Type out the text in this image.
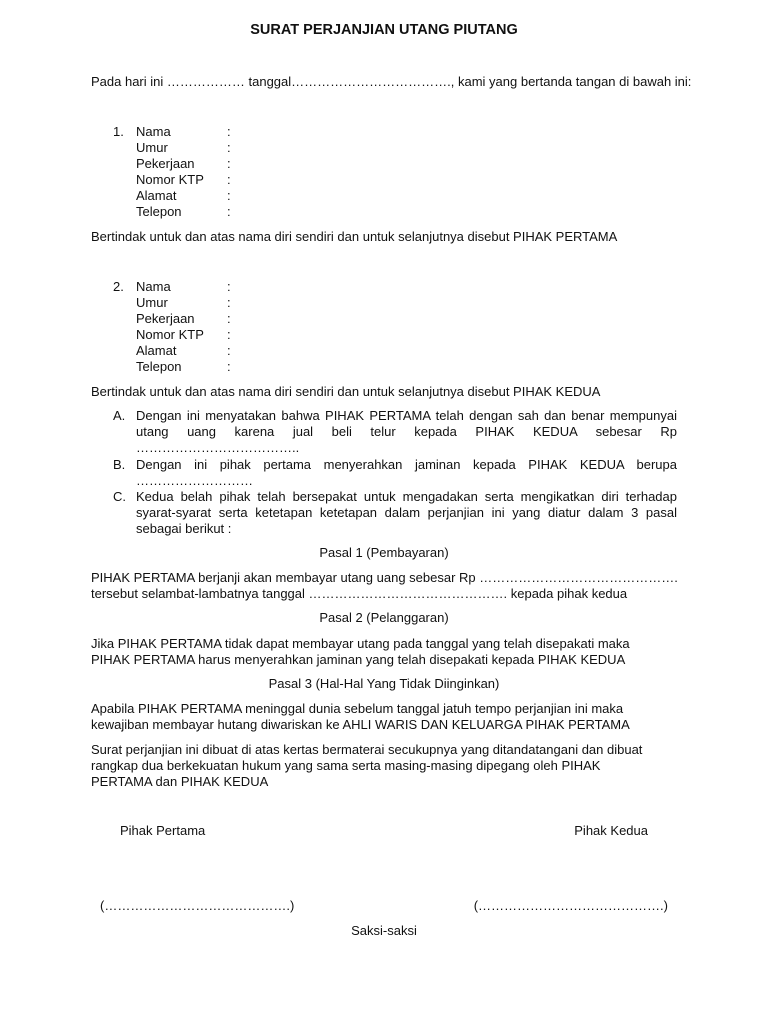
SURAT PERJANJIAN UTANG PIUTANG
Pada hari ini ……………… tanggal………………………………., kami yang bertanda tangan di bawah ini:
1. Nama	:
Umur	:
Pekerjaan :
Nomor KTP :
Alamat	:
Telepon	:
Bertindak untuk dan atas nama diri sendiri dan untuk selanjutnya disebut PIHAK PERTAMA
2. Nama	:
Umur	:
Pekerjaan :
Nomor KTP :
Alamat	:
Telepon	:
Bertindak untuk dan atas nama diri sendiri dan untuk selanjutnya disebut PIHAK KEDUA
A. Dengan ini menyatakan bahwa PIHAK PERTAMA telah dengan sah dan benar mempunyai utang uang karena jual beli telur kepada PIHAK KEDUA sebesar Rp ………………………………..

B. Dengan ini pihak pertama menyerahkan jaminan kepada PIHAK KEDUA berupa ………………………

C. Kedua belah pihak telah bersepakat untuk mengadakan serta mengikatkan diri terhadap syarat-syarat serta ketetapan ketetapan dalam perjanjian ini yang diatur dalam 3 pasal sebagai berikut :

Pasal 1 (Pembayaran)
PIHAK PERTAMA berjanji akan membayar utang uang sebesar Rp ……………………………………….
tersebut selambat-lambatnya tanggal ………………………………………. kepada pihak kedua
Pasal 2 (Pelanggaran)
Jika PIHAK PERTAMA tidak dapat membayar utang pada tanggal yang telah disepakati maka
PIHAK PERTAMA harus menyerahkan jaminan yang telah disepakati kepada PIHAK KEDUA
Pasal 3 (Hal-Hal Yang Tidak Diinginkan)
Apabila PIHAK PERTAMA meninggal dunia sebelum tanggal jatuh tempo perjanjian ini maka
kewajiban membayar hutang diwariskan ke AHLI WARIS DAN KELUARGA PIHAK PERTAMA
Surat perjanjian ini dibuat di atas kertas bermaterai secukupnya yang ditandatangani dan dibuat
rangkap dua berkekuatan hukum yang sama serta masing-masing dipegang oleh PIHAK
PERTAMA dan PIHAK KEDUA
Pihak Pertama	Pihak Kedua
(…………………………………….)	(…………………………………….)
Saksi-saksi
